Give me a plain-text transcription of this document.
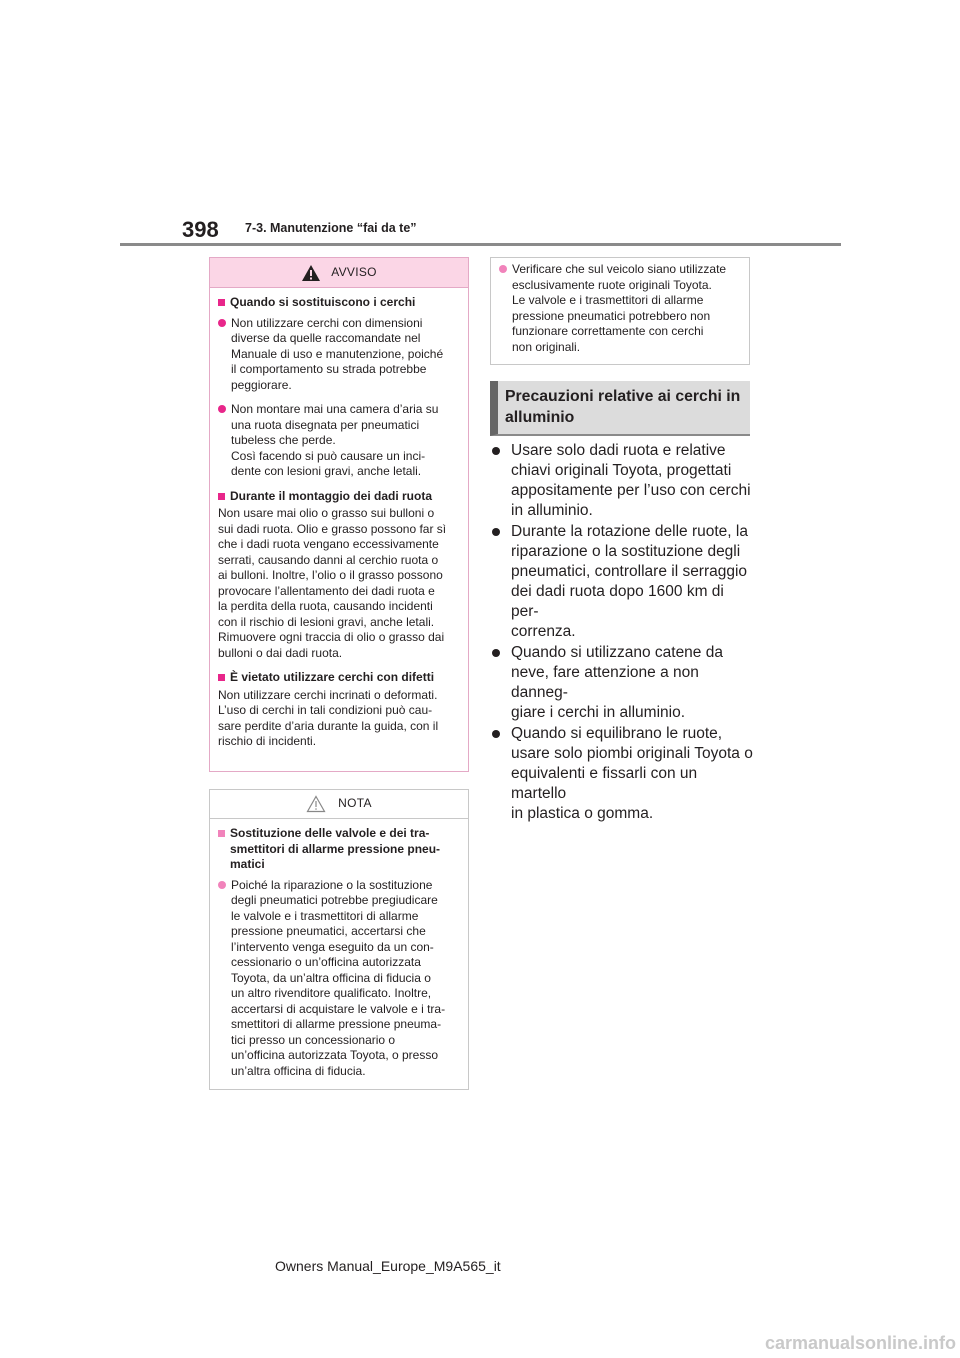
398 7-3. Manutenzione “fai da te”
AVVISO
Quando si sostituiscono i cerchi
Non utilizzare cerchi con dimensioni
diverse da quelle raccomandate nel
Manuale di uso e manutenzione, poiché
il comportamento su strada potrebbe
peggiorare.
Non montare mai una camera d’aria su
una ruota disegnata per pneumatici
tubeless che perde.
Così facendo si può causare un inci-
dente con lesioni gravi, anche letali.
Durante il montaggio dei dadi ruota
Non usare mai olio o grasso sui bulloni o
sui dadi ruota. Olio e grasso possono far sì
che i dadi ruota vengano eccessivamente
serrati, causando danni al cerchio ruota o
ai bulloni. Inoltre, l’olio o il grasso possono
provocare l’allentamento dei dadi ruota e
la perdita della ruota, causando incidenti
con il rischio di lesioni gravi, anche letali.
Rimuovere ogni traccia di olio o grasso dai
bulloni o dai dadi ruota.
È vietato utilizzare cerchi con difetti
Non utilizzare cerchi incrinati o deformati.
L’uso di cerchi in tali condizioni può cau-
sare perdite d’aria durante la guida, con il
rischio di incidenti.
NOTA
Sostituzione delle valvole e dei tra-
smettitori di allarme pressione pneu-
matici
Poiché la riparazione o la sostituzione
degli pneumatici potrebbe pregiudicare
le valvole e i trasmettitori di allarme
pressione pneumatici, accertarsi che
l’intervento venga eseguito da un con-
cessionario o un’officina autorizzata
Toyota, da un’altra officina di fiducia o
un altro rivenditore qualificato. Inoltre,
accertarsi di acquistare le valvole e i tra-
smettitori di allarme pressione pneuma-
tici presso un concessionario o
un’officina autorizzata Toyota, o presso
un’altra officina di fiducia.
Verificare che sul veicolo siano utilizzate
esclusivamente ruote originali Toyota.
Le valvole e i trasmettitori di allarme
pressione pneumatici potrebbero non
funzionare correttamente con cerchi
non originali.
Precauzioni relative ai cerchi in
alluminio
Usare solo dadi ruota e relative
chiavi originali Toyota, progettati
appositamente per l’uso con cerchi
in alluminio.
Durante la rotazione delle ruote, la
riparazione o la sostituzione degli
pneumatici, controllare il serraggio
dei dadi ruota dopo 1600 km di per-
correnza.
Quando si utilizzano catene da
neve, fare attenzione a non danneg-
giare i cerchi in alluminio.
Quando si equilibrano le ruote,
usare solo piombi originali Toyota o
equivalenti e fissarli con un martello
in plastica o gomma.
Owners Manual_Europe_M9A565_it
carmanualsonline.info
